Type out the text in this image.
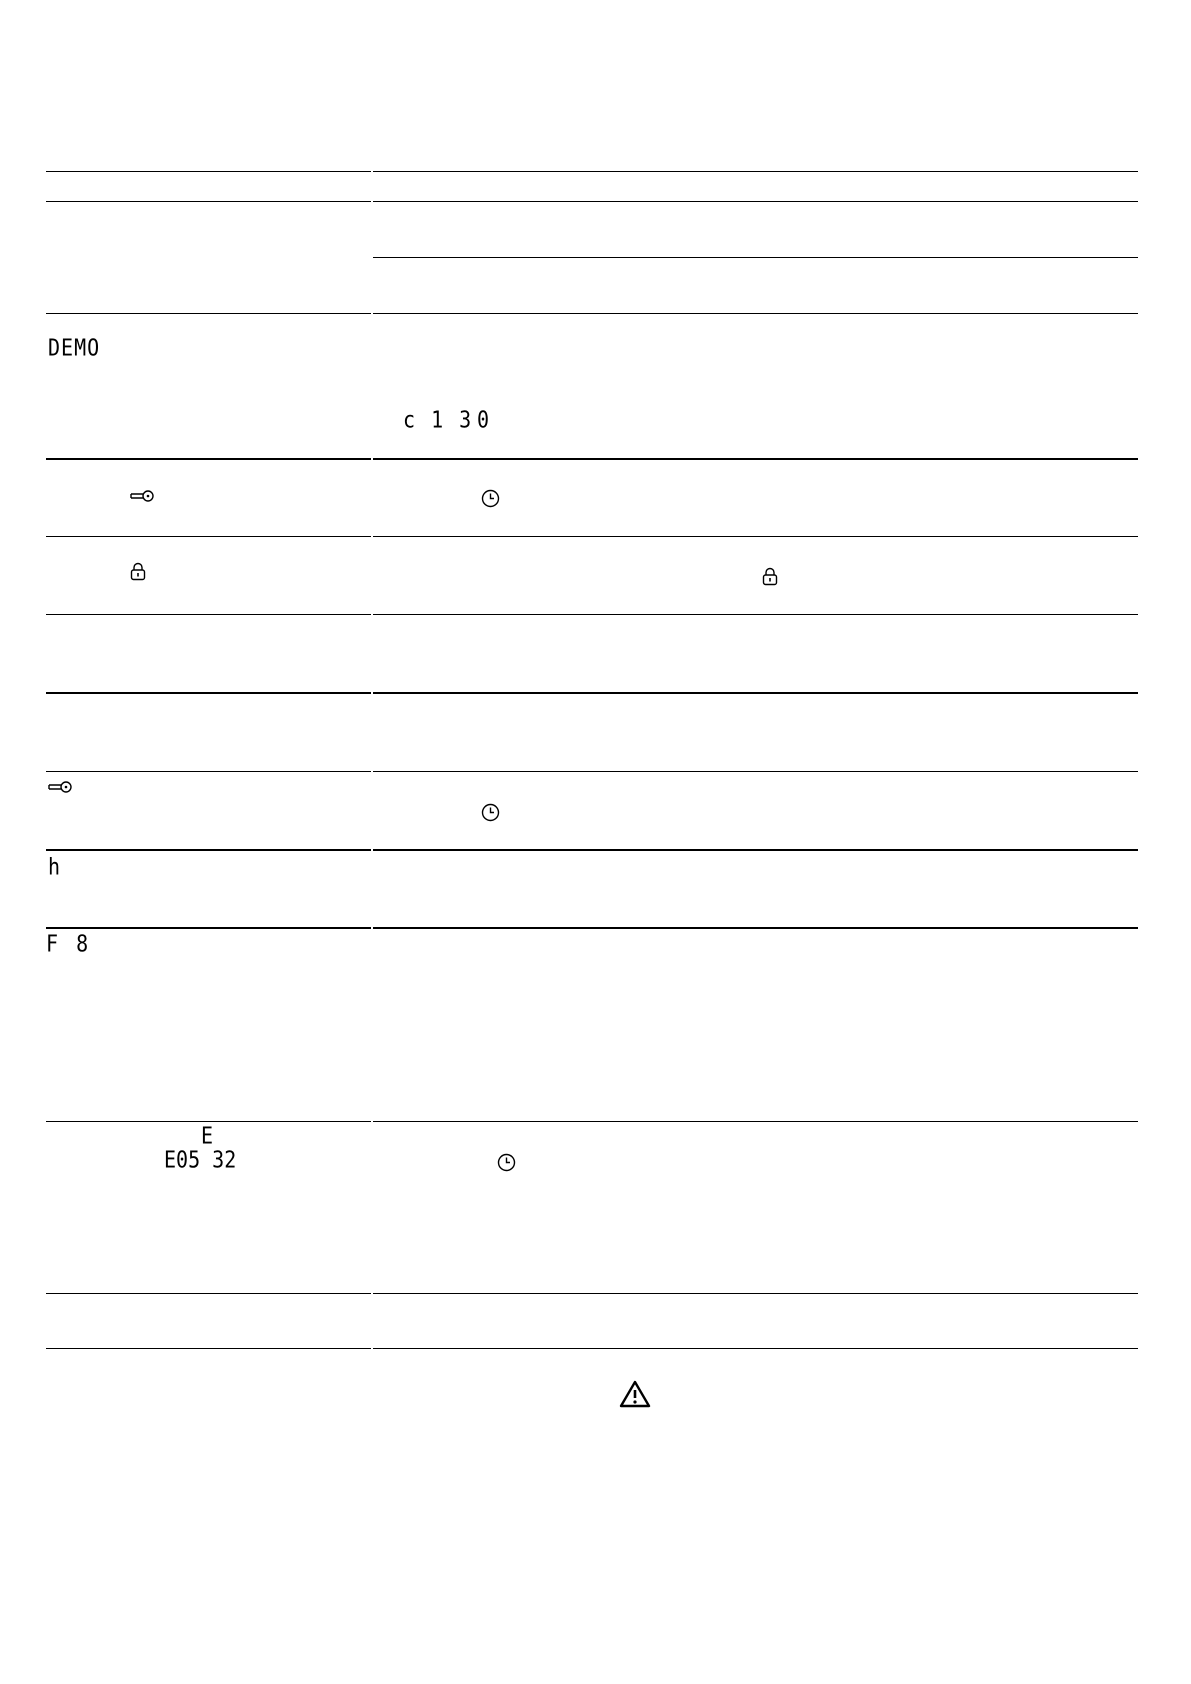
DEMO
c 1 3 0
h
F 8
E
E05 32
